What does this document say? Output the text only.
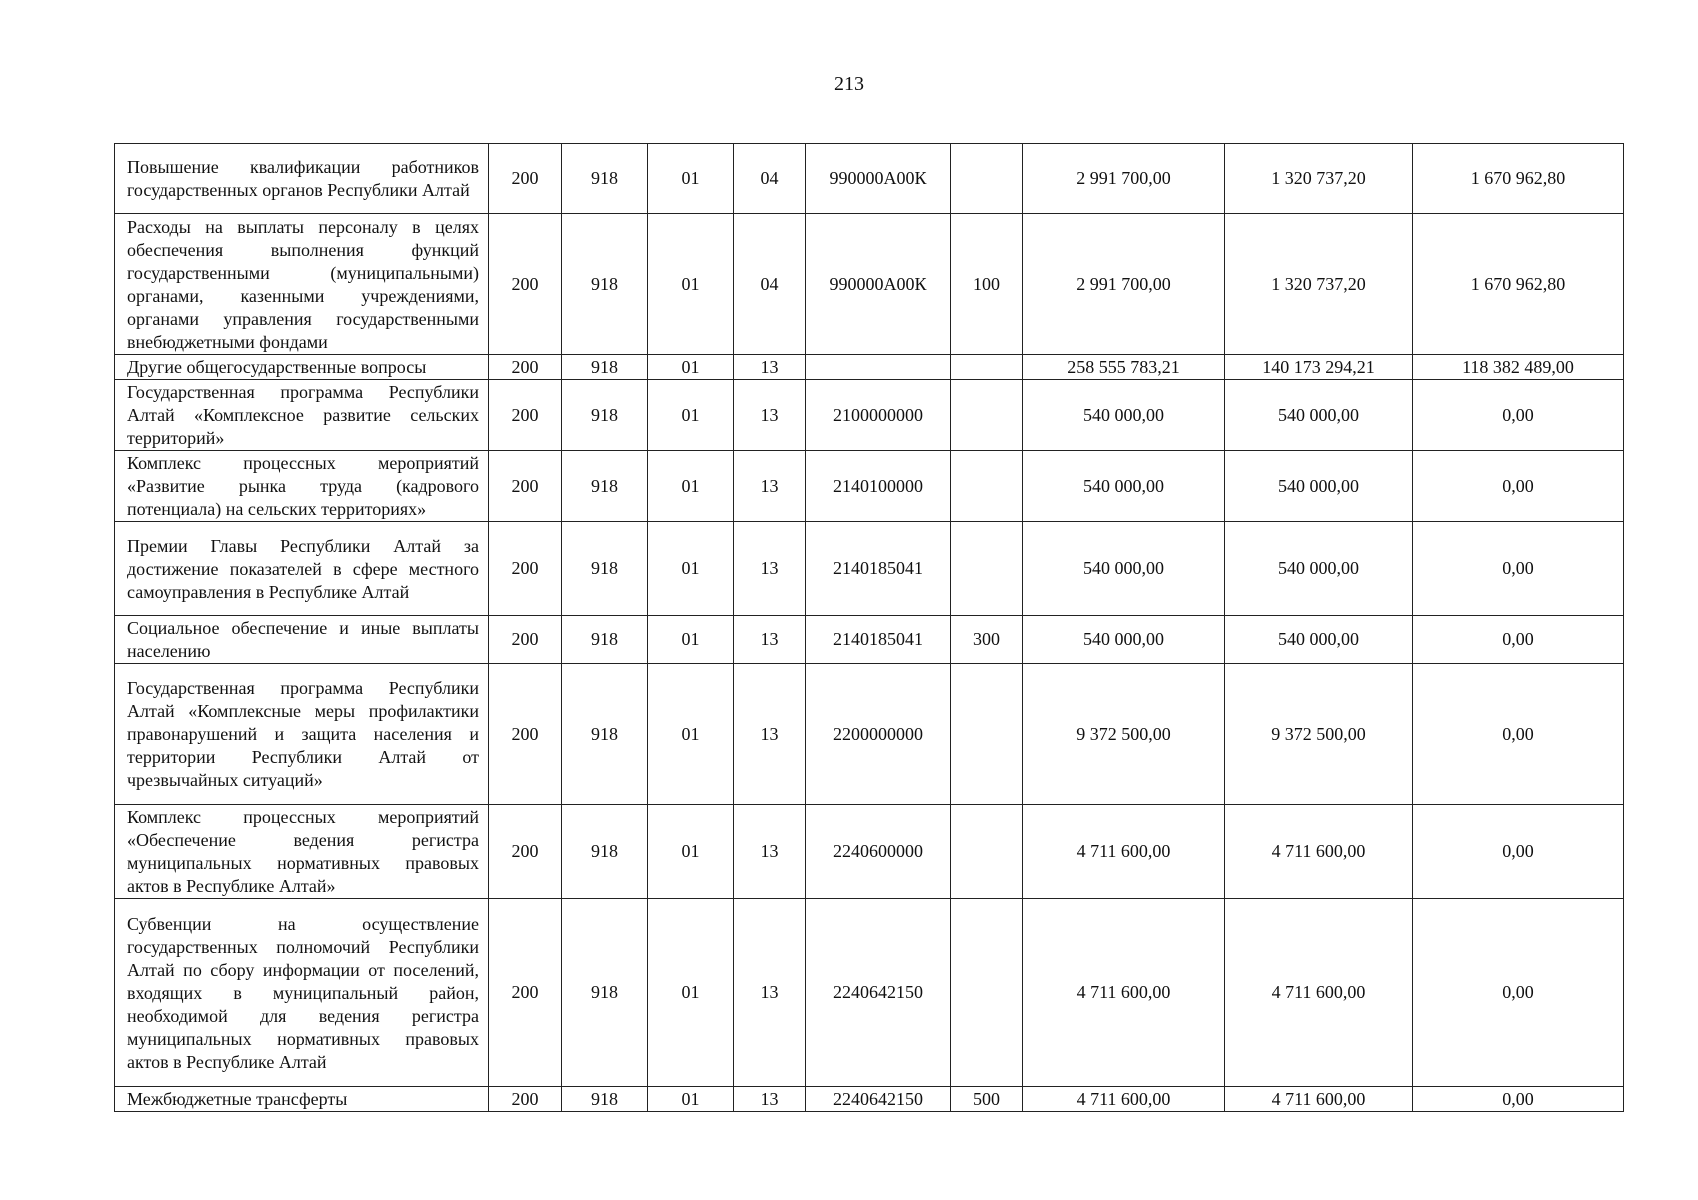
213
Повышение квалификации работников государственных органов Республики Алтай	200	918	01	04	990000А00К		2 991 700,00	1 320 737,20	1 670 962,80
Расходы на выплаты персоналу в целях обеспечения выполнения функций государственными (муниципальными) органами, казенными учреждениями, органами управления государственными внебюджетными фондами	200	918	01	04	990000А00К	100	2 991 700,00	1 320 737,20	1 670 962,80
Другие общегосударственные вопросы	200	918	01	13			258 555 783,21	140 173 294,21	118 382 489,00
Государственная программа Республики Алтай «Комплексное развитие сельских территорий»	200	918	01	13	2100000000		540 000,00	540 000,00	0,00
Комплекс процессных мероприятий «Развитие рынка труда (кадрового потенциала) на сельских территориях»	200	918	01	13	2140100000		540 000,00	540 000,00	0,00
Премии Главы Республики Алтай за достижение показателей в сфере местного самоуправления в Республике Алтай	200	918	01	13	2140185041		540 000,00	540 000,00	0,00
Социальное обеспечение и иные выплаты населению	200	918	01	13	2140185041	300	540 000,00	540 000,00	0,00
Государственная программа Республики Алтай «Комплексные меры профилактики правонарушений и защита населения и территории Республики Алтай от чрезвычайных ситуаций»	200	918	01	13	2200000000		9 372 500,00	9 372 500,00	0,00
Комплекс процессных мероприятий «Обеспечение ведения регистра муниципальных нормативных правовых актов в Республике Алтай»	200	918	01	13	2240600000		4 711 600,00	4 711 600,00	0,00
Субвенции на осуществление государственных полномочий Республики Алтай по сбору информации от поселений, входящих в муниципальный район, необходимой для ведения регистра муниципальных нормативных правовых актов в Республике Алтай	200	918	01	13	2240642150		4 711 600,00	4 711 600,00	0,00
Межбюджетные трансферты	200	918	01	13	2240642150	500	4 711 600,00	4 711 600,00	0,00
